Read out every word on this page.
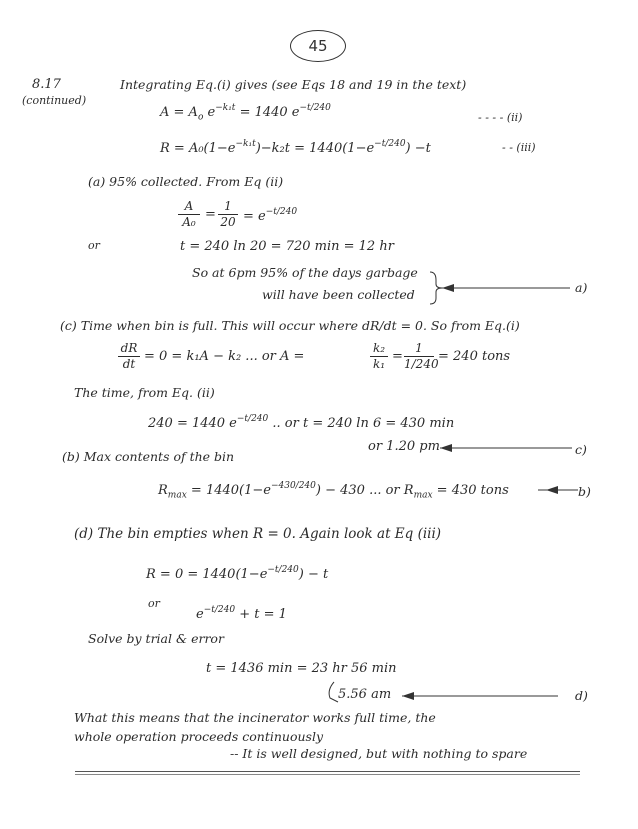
45
8.17
(continued)
Integrating Eq.(i) gives (see Eqs 18 and 19 in the text)
$A = A_o$ $e^{-k_1t} = 1440$ $e^{-t/240}$
- - - - (ii)
$R = A_0(1-e^{-k_1t})-k_2t = 1440(1-e^{-t/240}) -t$	- - (iii)
(a) 95% collected. From Eq (ii)
A
A₀ =
1
$20 = e^{-t/240}$
or	t = 240 ln 20 = 720 min = 12 hr
So at 6pm 95% of the days garbage
will have been collected	a)
(c) Time when bin is full. This will occur where dR/dt = 0. So from Eq.(i)
dR
dt = 0 = k₁A − k₂ ... or A =
k₂
k₁ =
1
1/240 = 240 tons
The time, from Eq. (ii)
240 = 1440 $e^{-t/240}$ .. or t = 240 ln 6 = 430 min
or 1.20 pm	c)
(b) Max contents of the bin
$R_{max} = 1440(1-e^{-430/240}) - 430$ ... or $R_{max} = 430$ tons	b)
(d) The bin empties when R = 0. Again look at Eq (iii)
$R = 0 = 1440(1-e^{-t/240}) - t$
or
$e^{-t/240} + t = 1$
Solve by trial & error
t = 1436 min = 23 hr 56 min
5.56 am	d)
What this means that the incinerator works full time, the
whole operation proceeds continuously
-- It is well designed, but with nothing to spare
